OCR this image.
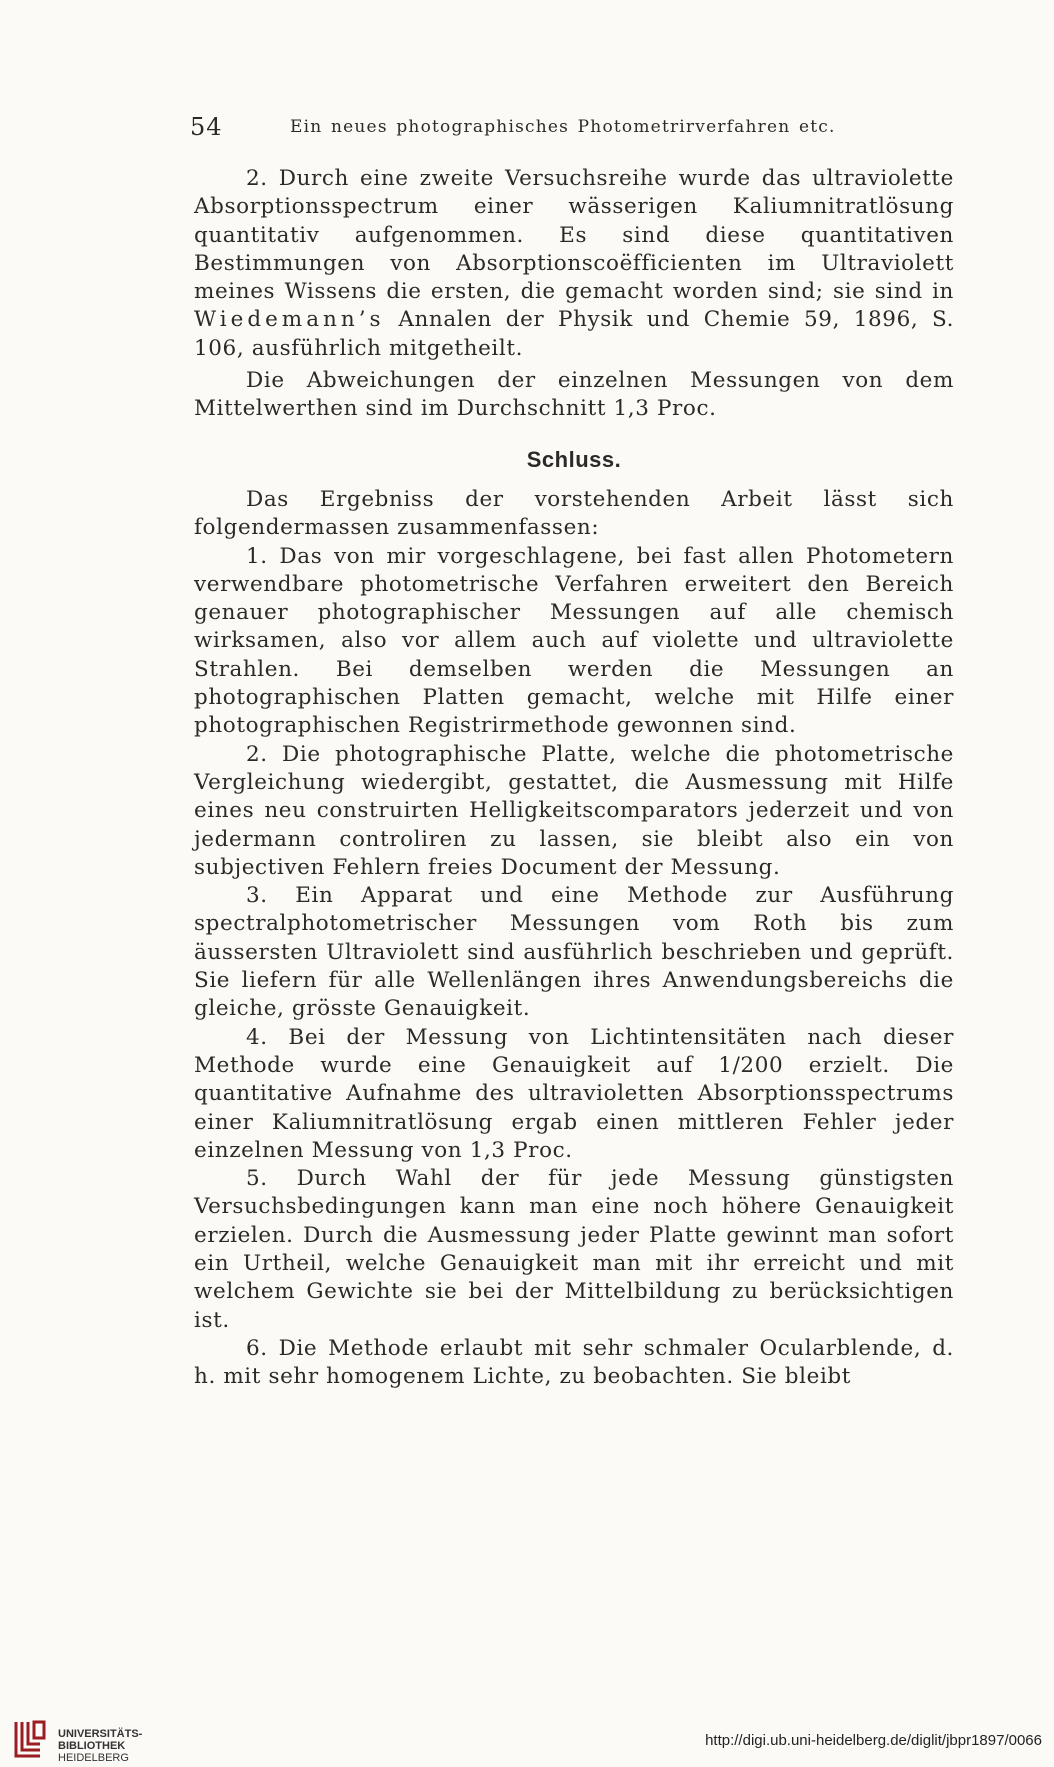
54	Ein neues photographisches Photometrirverfahren etc.

2. Durch eine zweite Versuchsreihe wurde das ultraviolette Absorptionsspectrum einer wässerigen Kaliumnitratlösung quantitativ aufgenommen. Es sind diese quantitativen Bestimmungen von Absorptionscoëfficienten im Ultraviolett meines Wissens die ersten, die gemacht worden sind; sie sind in Wiedemann’s Annalen der Physik und Chemie 59, 1896, S. 106, ausführlich mitgetheilt.

Die Abweichungen der einzelnen Messungen von dem Mittelwerthen sind im Durchschnitt 1,3 Proc.

Schluss.

Das Ergebniss der vorstehenden Arbeit lässt sich folgendermassen zusammenfassen:

1. Das von mir vorgeschlagene, bei fast allen Photometern verwendbare photometrische Verfahren erweitert den Bereich genauer photographischer Messungen auf alle chemisch wirksamen, also vor allem auch auf violette und ultraviolette Strahlen. Bei demselben werden die Messungen an photographischen Platten gemacht, welche mit Hilfe einer photographischen Registrirmethode gewonnen sind.

2. Die photographische Platte, welche die photometrische Vergleichung wiedergibt, gestattet, die Ausmessung mit Hilfe eines neu construirten Helligkeitscomparators jederzeit und von jedermann controliren zu lassen, sie bleibt also ein von subjectiven Fehlern freies Document der Messung.

3. Ein Apparat und eine Methode zur Ausführung spectralphotometrischer Messungen vom Roth bis zum äussersten Ultraviolett sind ausführlich beschrieben und geprüft. Sie liefern für alle Wellenlängen ihres Anwendungsbereichs die gleiche, grösste Genauigkeit.

4. Bei der Messung von Lichtintensitäten nach dieser Methode wurde eine Genauigkeit auf 1/200 erzielt. Die quantitative Aufnahme des ultravioletten Absorptionsspectrums einer Kaliumnitratlösung ergab einen mittleren Fehler jeder einzelnen Messung von 1,3 Proc.

5. Durch Wahl der für jede Messung günstigsten Versuchsbedingungen kann man eine noch höhere Genauigkeit erzielen. Durch die Ausmessung jeder Platte gewinnt man sofort ein Urtheil, welche Genauigkeit man mit ihr erreicht und mit welchem Gewichte sie bei der Mittelbildung zu berücksichtigen ist.

6. Die Methode erlaubt mit sehr schmaler Ocularblende, d. h. mit sehr homogenem Lichte, zu beobachten. Sie bleibt

UNIVERSITÄTS-
BIBLIOTHEK
HEIDELBERG
http://digi.ub.uni-heidelberg.de/diglit/jbpr1897/0066
